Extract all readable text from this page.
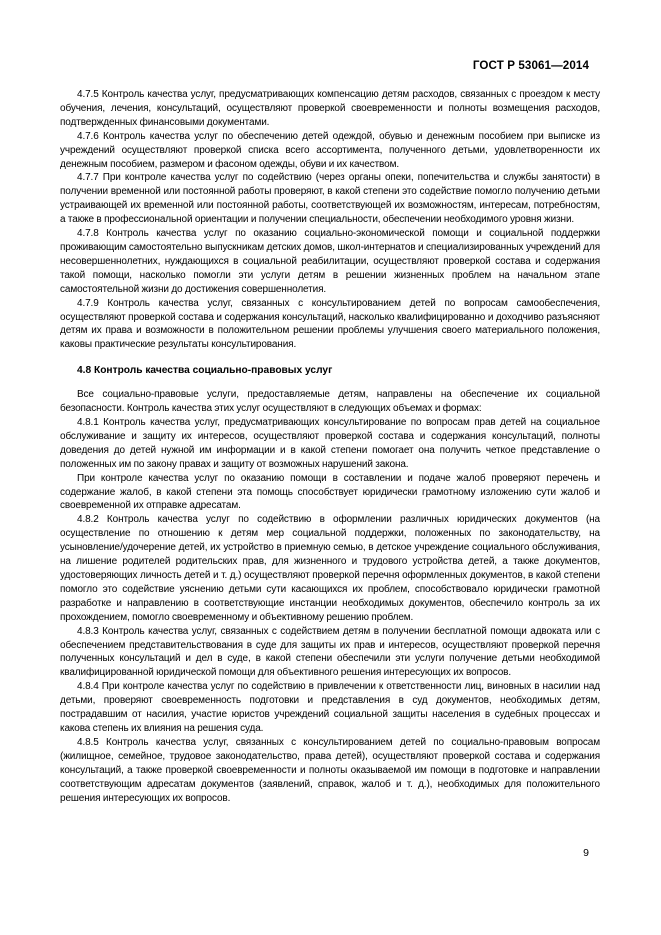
ГОСТ Р 53061—2014

4.7.5 Контроль качества услуг, предусматривающих компенсацию детям расходов, связанных с проездом к месту обучения, лечения, консультаций, осуществляют проверкой своевременности и полноты возмещения расходов, подтвержденных финансовыми документами.

4.7.6 Контроль качества услуг по обеспечению детей одеждой, обувью и денежным пособием при выписке из учреждений осуществляют проверкой списка всего ассортимента, полученного детьми, удовлетворенности их денежным пособием, размером и фасоном одежды, обуви и их качеством.

4.7.7 При контроле качества услуг по содействию (через органы опеки, попечительства и службы занятости) в получении временной или постоянной работы проверяют, в какой степени это содействие помогло получению детьми устраивающей их временной или постоянной работы, соответствующей их возможностям, интересам, потребностям, а также в профессиональной ориентации и получении специальности, обеспечении необходимого уровня жизни.

4.7.8 Контроль качества услуг по оказанию социально-экономической помощи и социальной поддержки проживающим самостоятельно выпускникам детских домов, школ-интернатов и специализированных учреждений для несовершеннолетних, нуждающихся в социальной реабилитации, осуществляют проверкой состава и содержания такой помощи, насколько помогли эти услуги детям в решении жизненных проблем на начальном этапе самостоятельной жизни до достижения совершеннолетия.

4.7.9 Контроль качества услуг, связанных с консультированием детей по вопросам самообеспечения, осуществляют проверкой состава и содержания консультаций, насколько квалифицированно и доходчиво разъясняют детям их права и возможности в положительном решении проблемы улучшения своего материального положения, каковы практические результаты консультирования.

4.8 Контроль качества социально-правовых услуг

Все социально-правовые услуги, предоставляемые детям, направлены на обеспечение их социальной безопасности. Контроль качества этих услуг осуществляют в следующих объемах и формах:

4.8.1 Контроль качества услуг, предусматривающих консультирование по вопросам прав детей на социальное обслуживание и защиту их интересов, осуществляют проверкой состава и содержания консультаций, полноты доведения до детей нужной им информации и в какой степени помогает она получить четкое представление о положенных им по закону правах и защиту от возможных нарушений закона.

При контроле качества услуг по оказанию помощи в составлении и подаче жалоб проверяют перечень и содержание жалоб, в какой степени эта помощь способствует юридически грамотному изложению сути жалоб и своевременной их отправке адресатам.

4.8.2 Контроль качества услуг по содействию в оформлении различных юридических документов (на осуществление по отношению к детям мер социальной поддержки, положенных по законодательству, на усыновление/удочерение детей, их устройство в приемную семью, в детское учреждение социального обслуживания, на лишение родителей родительских прав, для жизненного и трудового устройства детей, а также документов, удостоверяющих личность детей и т. д.) осуществляют проверкой перечня оформленных документов, в какой степени помогло это содействие уяснению детьми сути касающихся их проблем, способствовало юридически грамотной разработке и направлению в соответствующие инстанции необходимых документов, обеспечило контроль за их прохождением, помогло своевременному и объективному решению проблем.

4.8.3 Контроль качества услуг, связанных с содействием детям в получении бесплатной помощи адвоката или с обеспечением представительствования в суде для защиты их прав и интересов, осуществляют проверкой перечня полученных консультаций и дел в суде, в какой степени обеспечили эти услуги получение детьми необходимой квалифицированной юридической помощи для объективного решения интересующих их вопросов.

4.8.4 При контроле качества услуг по содействию в привлечении к ответственности лиц, виновных в насилии над детьми, проверяют своевременность подготовки и представления в суд документов, необходимых детям, пострадавшим от насилия, участие юристов учреждений социальной защиты населения в судебных процессах и какова степень их влияния на решения суда.

4.8.5 Контроль качества услуг, связанных с консультированием детей по социально-правовым вопросам (жилищное, семейное, трудовое законодательство, права детей), осуществляют проверкой состава и содержания консультаций, а также проверкой своевременности и полноты оказываемой им помощи в подготовке и направлении соответствующим адресатам документов (заявлений, справок, жалоб и т. д.), необходимых для положительного решения интересующих их вопросов.

9
